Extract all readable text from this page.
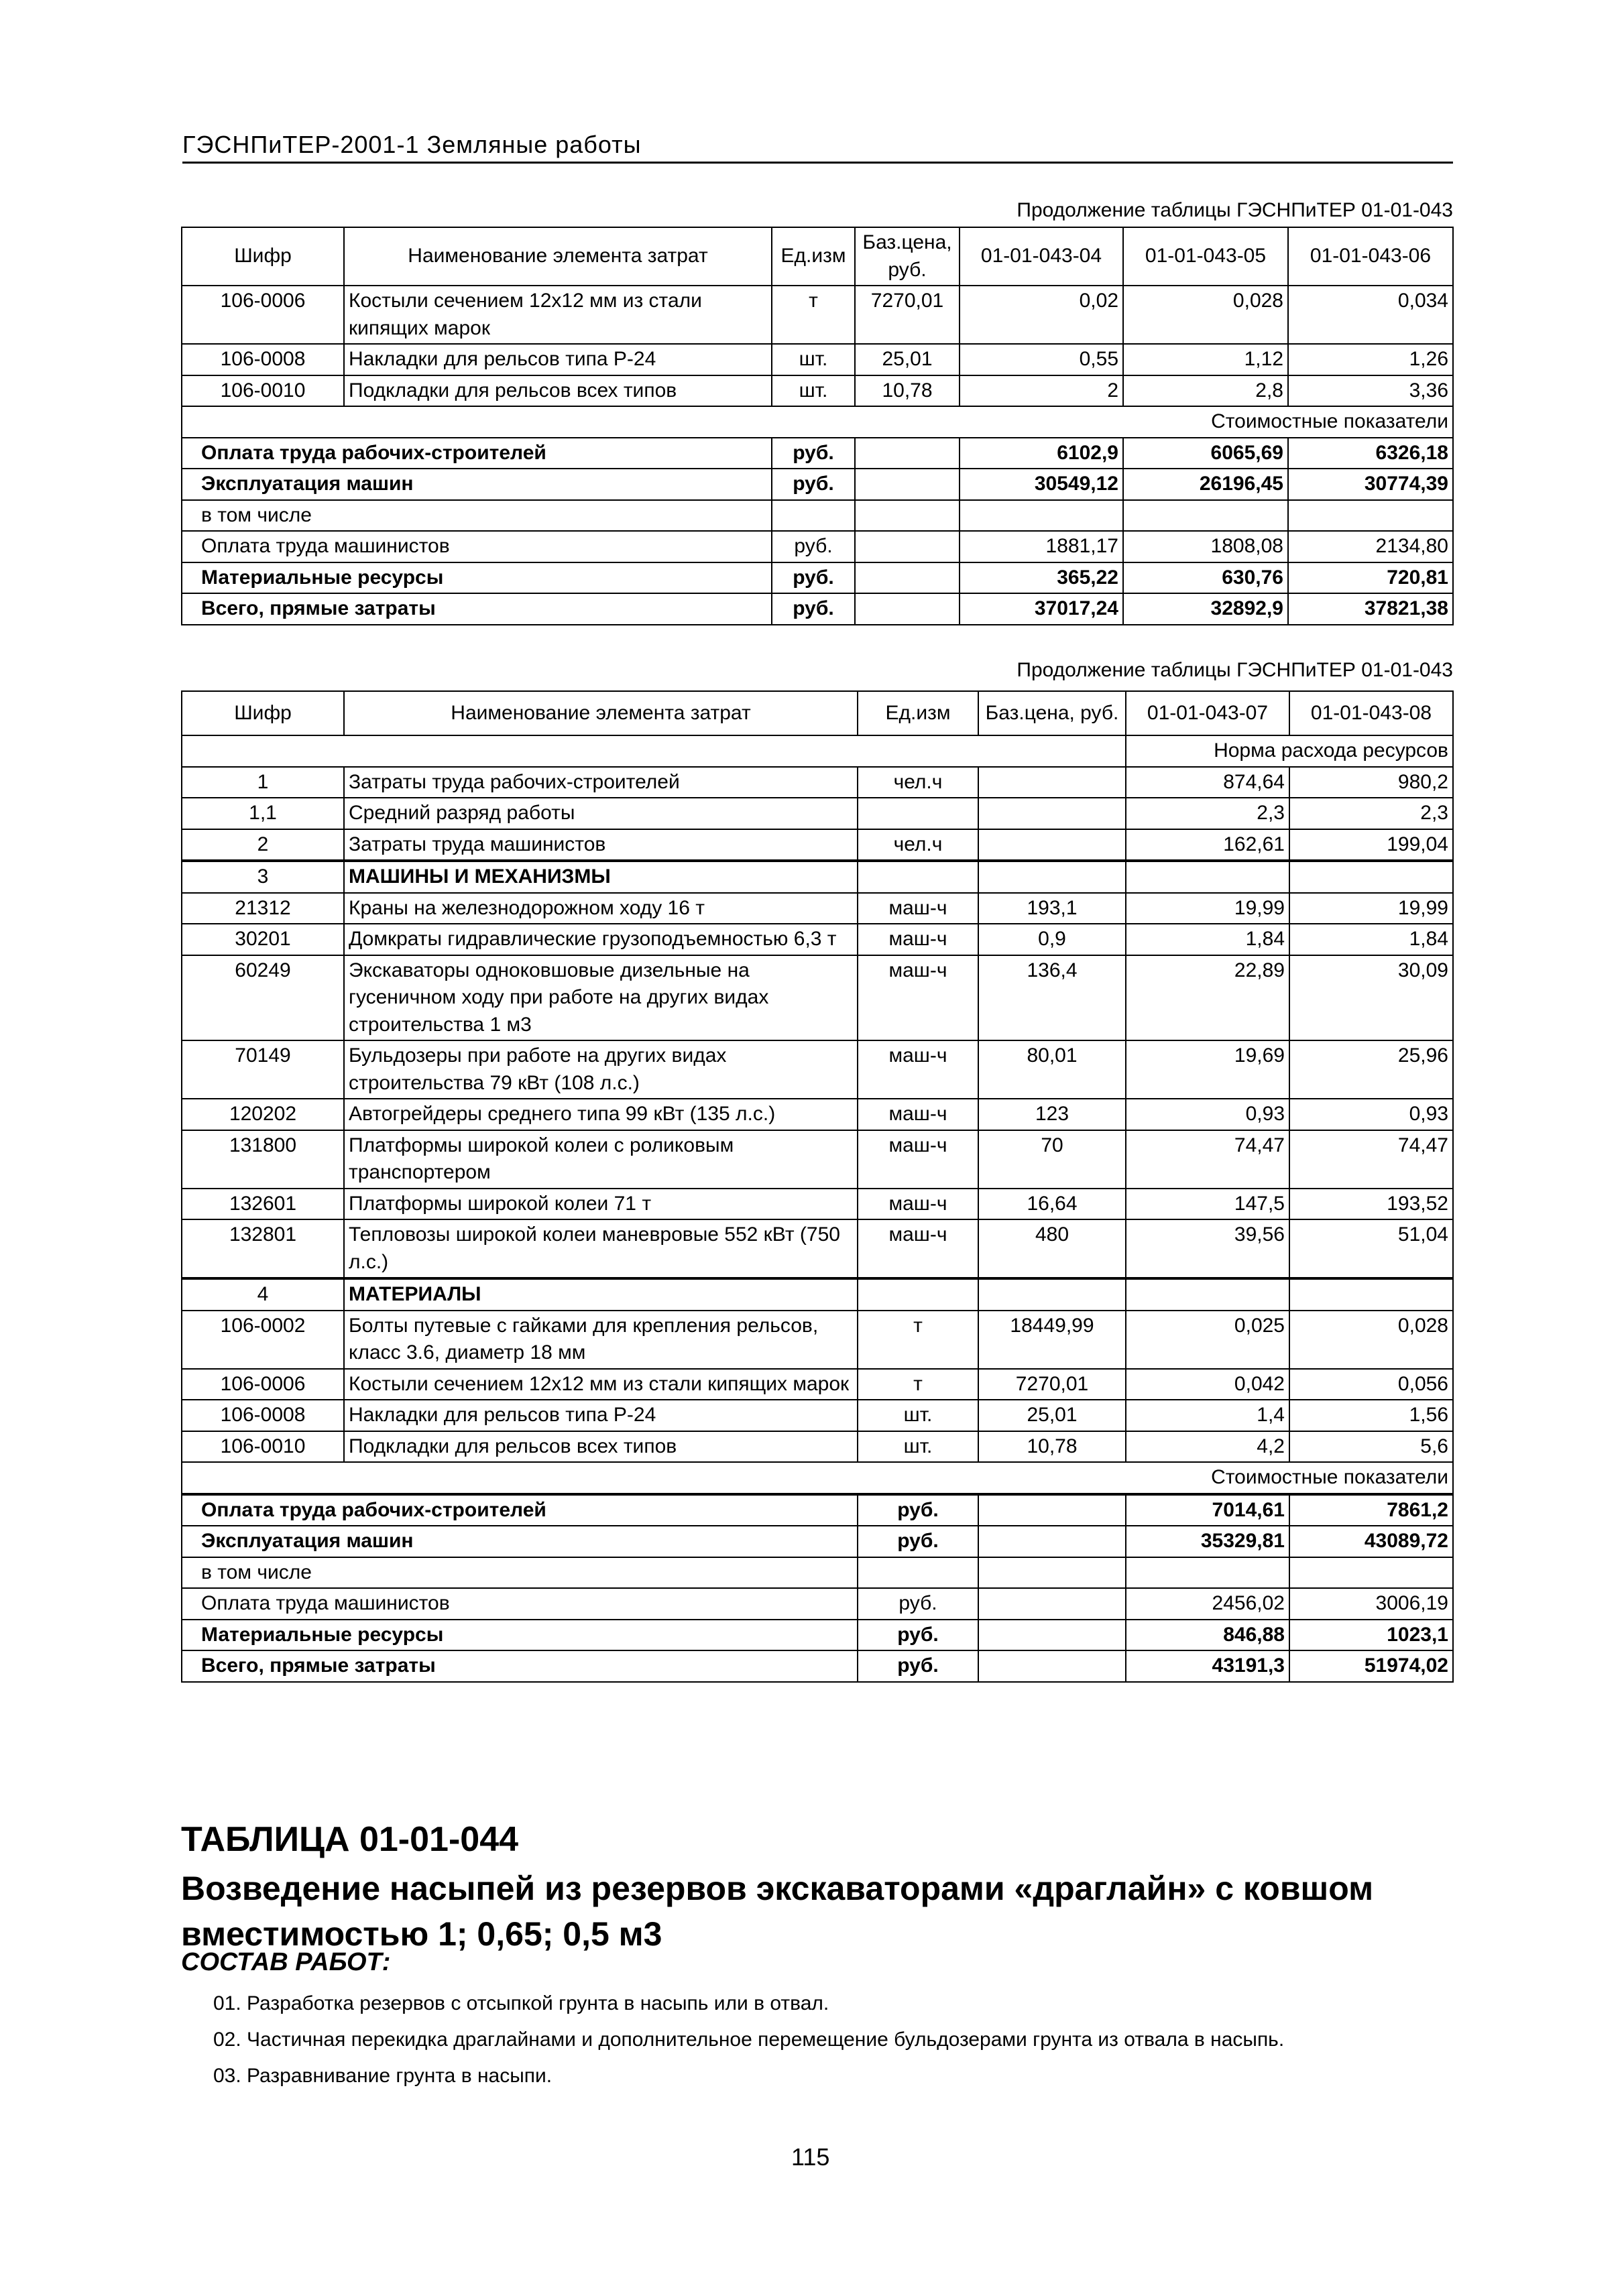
ГЭСНПиТЕР-2001-1 Земляные работы
Продолжение таблицы ГЭСНПиТЕР 01-01-043
Шифр	Наименование элемента затрат	Ед.изм	Баз.цена, руб.	01-01-043-04	01-01-043-05	01-01-043-06
106-0006	Костыли сечением 12х12 мм из стали кипящих марок	т	7270,01	0,02	0,028	0,034
106-0008	Накладки для рельсов типа Р-24	шт.	25,01	0,55	1,12	1,26
106-0010	Подкладки для рельсов всех типов	шт.	10,78	2	2,8	3,36
Стоимостные показатели						
Оплата труда рабочих-строителей		руб.		6102,9	6065,69	6326,18
Эксплуатация машин		руб.		30549,12	26196,45	30774,39
в том числе						
Оплата труда машинистов		руб.		1881,17	1808,08	2134,80
Материальные ресурсы		руб.		365,22	630,76	720,81
Всего, прямые затраты		руб.		37017,24	32892,9	37821,38
Продолжение таблицы ГЭСНПиТЕР 01-01-043
Шифр	Наименование элемента затрат	Ед.изм	Баз.цена, руб.	01-01-043-07	01-01-043-08
				Норма расхода ресурсов	
1	Затраты труда рабочих-строителей	чел.ч		874,64	980,2
1,1	Средний разряд работы			2,3	2,3
2	Затраты труда машинистов	чел.ч		162,61	199,04
3	МАШИНЫ И МЕХАНИЗМЫ				
21312	Краны на железнодорожном ходу 16 т	маш-ч	193,1	19,99	19,99
30201	Домкраты гидравлические грузоподъемностью 6,3 т	маш-ч	0,9	1,84	1,84
60249	Экскаваторы одноковшовые дизельные на гусеничном ходу при работе на других видах строительства 1 м3	маш-ч	136,4	22,89	30,09
70149	Бульдозеры при работе на других видах строительства 79 кВт (108 л.с.)	маш-ч	80,01	19,69	25,96
120202	Автогрейдеры среднего типа 99 кВт (135 л.с.)	маш-ч	123	0,93	0,93
131800	Платформы широкой колеи с роликовым транспортером	маш-ч	70	74,47	74,47
132601	Платформы широкой колеи 71 т	маш-ч	16,64	147,5	193,52
132801	Тепловозы широкой колеи маневровые 552 кВт (750 л.с.)	маш-ч	480	39,56	51,04
4	МАТЕРИАЛЫ				
106-0002	Болты путевые с гайками для крепления рельсов, класс 3.6, диаметр 18 мм	т	18449,99	0,025	0,028
106-0006	Костыли сечением 12х12 мм из стали кипящих марок	т	7270,01	0,042	0,056
106-0008	Накладки для рельсов типа Р-24	шт.	25,01	1,4	1,56
106-0010	Подкладки для рельсов всех типов	шт.	10,78	4,2	5,6
Стоимостные показатели					
Оплата труда рабочих-строителей		руб.		7014,61	7861,2
Эксплуатация машин		руб.		35329,81	43089,72
в том числе					
Оплата труда машинистов		руб.		2456,02	3006,19
Материальные ресурсы		руб.		846,88	1023,1
Всего, прямые затраты		руб.		43191,3	51974,02
ТАБЛИЦА 01-01-044

Возведение насыпей из резервов экскаваторами «драглайн» с ковшом вместимостью 1; 0,65; 0,5 м3

СОСТАВ РАБОТ:
01. Разработка резервов с отсыпкой грунта в насыпь или в отвал.
02. Частичная перекидка драглайнами и дополнительное перемещение бульдозерами грунта из отвала в насыпь.
03. Разравнивание грунта в насыпи.
115
